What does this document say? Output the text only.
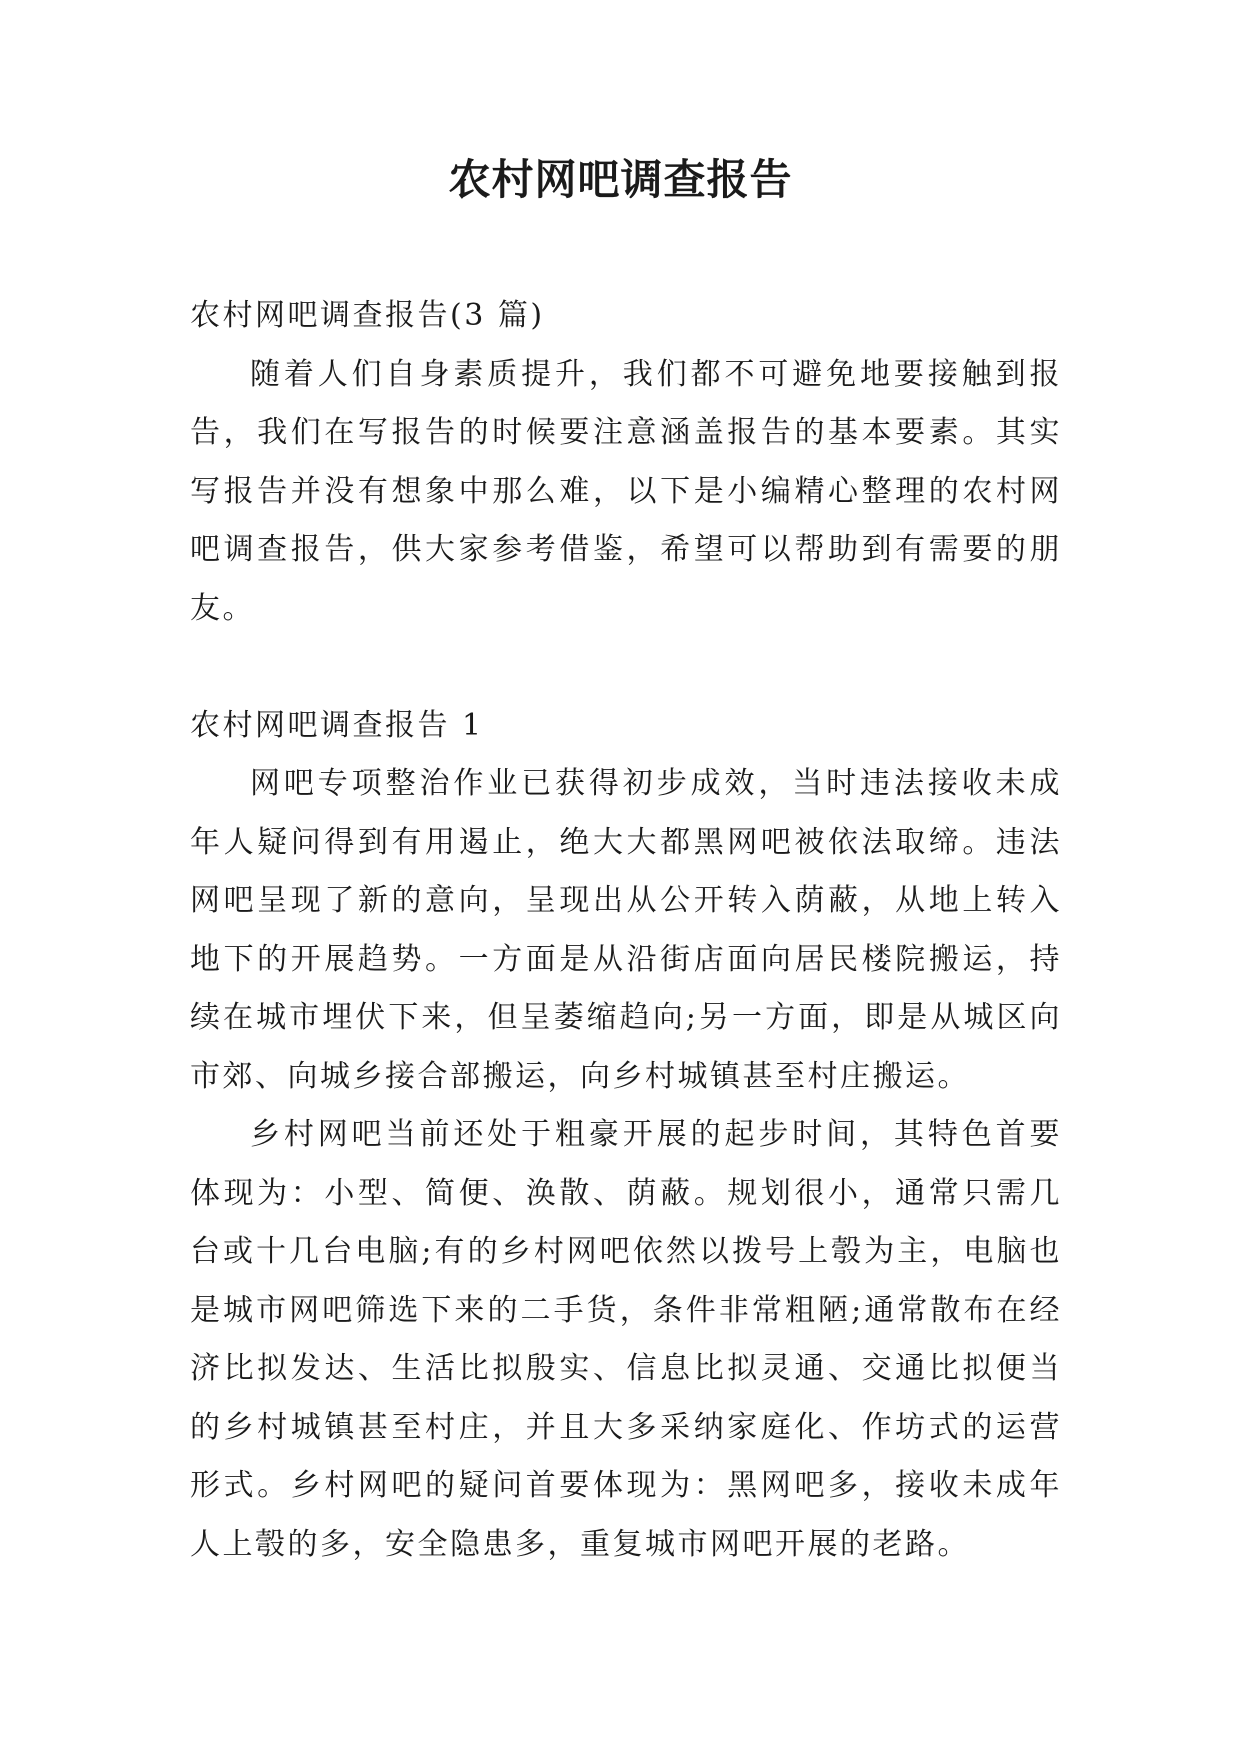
农村网吧调查报告

农村网吧调查报告(3 篇)

随着人们自身素质提升，我们都不可避免地要接触到报告，我们在写报告的时候要注意涵盖报告的基本要素。其实写报告并没有想象中那么难，以下是小编精心整理的农村网吧调查报告，供大家参考借鉴，希望可以帮助到有需要的朋友。

农村网吧调查报告 1

网吧专项整治作业已获得初步成效，当时违法接收未成年人疑问得到有用遏止，绝大大都黑网吧被依法取缔。违法网吧呈现了新的意向，呈现出从公开转入荫蔽，从地上转入地下的开展趋势。一方面是从沿街店面向居民楼院搬运，持续在城市埋伏下来，但呈萎缩趋向;另一方面，即是从城区向市郊、向城乡接合部搬运，向乡村城镇甚至村庄搬运。

乡村网吧当前还处于粗豪开展的起步时间，其特色首要体现为：小型、简便、涣散、荫蔽。规划很小，通常只需几台或十几台电脑;有的乡村网吧依然以拨号上彀为主，电脑也是城市网吧筛选下来的二手货，条件非常粗陋;通常散布在经济比拟发达、生活比拟殷实、信息比拟灵通、交通比拟便当的乡村城镇甚至村庄，并且大多采纳家庭化、作坊式的运营形式。乡村网吧的疑问首要体现为：黑网吧多，接收未成年人上彀的多，安全隐患多，重复城市网吧开展的老路。
